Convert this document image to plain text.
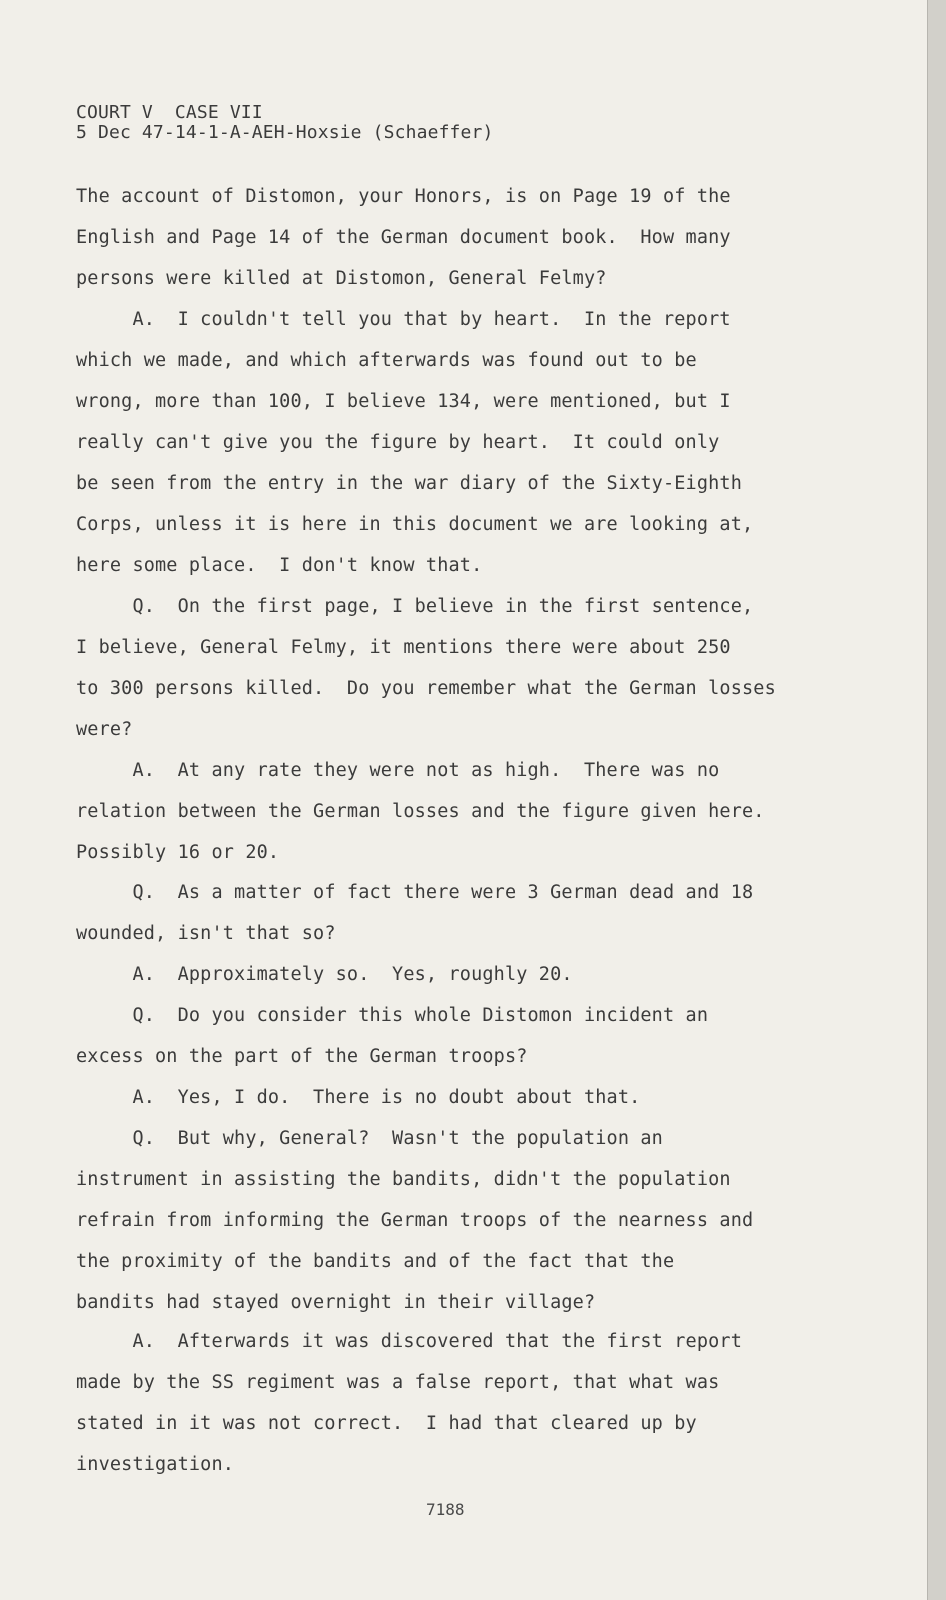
COURT V  CASE VII
5 Dec 47-14-1-A-AEH-Hoxsie (Schaeffer)
The account of Distomon, your Honors, is on Page 19 of the
English and Page 14 of the German document book.  How many
persons were killed at Distomon, General Felmy?
A.  I couldn't tell you that by heart.  In the report
which we made, and which afterwards was found out to be
wrong, more than 100, I believe 134, were mentioned, but I
really can't give you the figure by heart.  It could only
be seen from the entry in the war diary of the Sixty-Eighth
Corps, unless it is here in this document we are looking at,
here some place.  I don't know that.
Q.  On the first page, I believe in the first sentence,
I believe, General Felmy, it mentions there were about 250
to 300 persons killed.  Do you remember what the German losses
were?
A.  At any rate they were not as high.  There was no
relation between the German losses and the figure given here.
Possibly 16 or 20.
Q.  As a matter of fact there were 3 German dead and 18
wounded, isn't that so?
A.  Approximately so.  Yes, roughly 20.
Q.  Do you consider this whole Distomon incident an
excess on the part of the German troops?
A.  Yes, I do.  There is no doubt about that.
Q.  But why, General?  Wasn't the population an
instrument in assisting the bandits, didn't the population
refrain from informing the German troops of the nearness and
the proximity of the bandits and of the fact that the
bandits had stayed overnight in their village?
A.  Afterwards it was discovered that the first report
made by the SS regiment was a false report, that what was
stated in it was not correct.  I had that cleared up by
investigation.
7188
